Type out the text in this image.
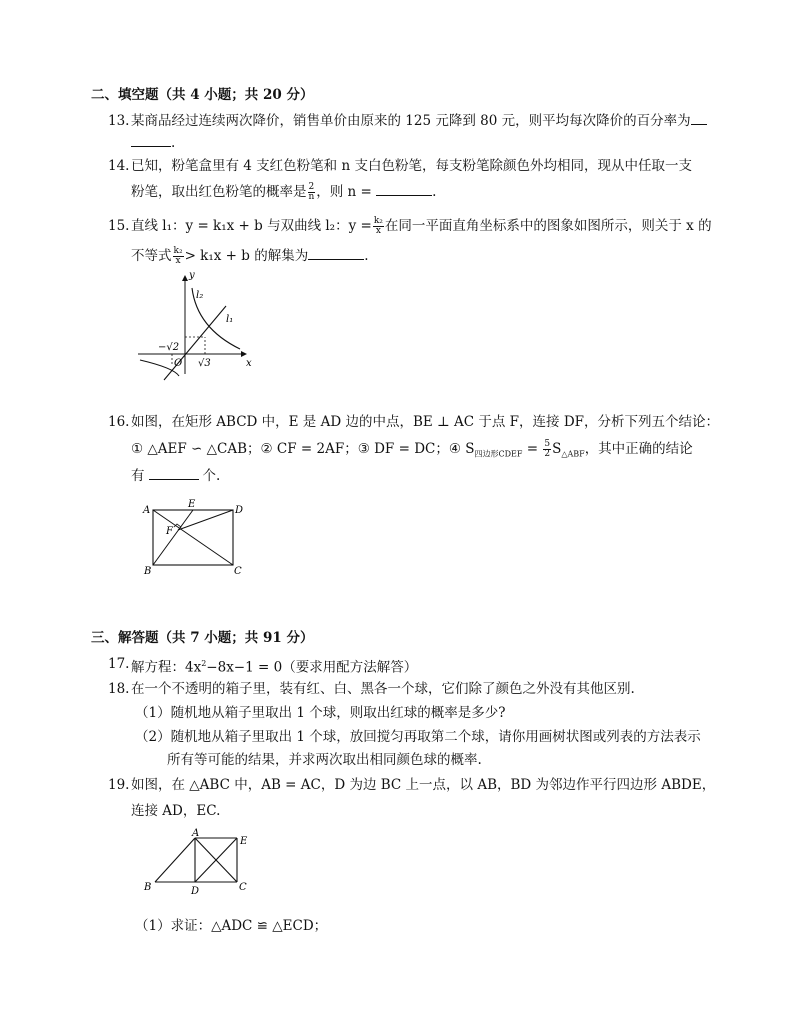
二、填空题（共 4 小题；共 20 分）
13. 某商品经过连续两次降价，销售单价由原来的 125 元降到 80 元，则平均每次降价的百分率为
.
14. 已知，粉笔盒里有 4 支红色粉笔和 n 支白色粉笔，每支粉笔除颜色外均相同，现从中任取一支
粉笔，取出红色粉笔的概率是 $\frac{2}{n}$ ，则 n =	.
15. 直线 l₁：y = k₁x + b 与双曲线 l₂：$y = \frac{\text{k₂}}{x}$ 在同一平面直角坐标系中的图象如图所示，则关于 x 的
不等式 $\frac{\text{k₂}}{x} > k_1x + b$ 的解集为	.
y
x
O
l₂
l₁
−√2
√3
16. 如图，在矩形 ABCD 中，E 是 AD 边的中点，BE ⊥ AC 于点 F，连接 DF，分析下列五个结论：
① △AEF ∽ △CAB；② CF = 2AF；③ DF = DC；④ $S_{四边形CDEF} = \frac{5}{2} S_{\triangle ABF}$，其中正确的结论
有	个.
A
E
D
F
B	C
三、解答题（共 7 小题；共 91 分）
17. 解方程：$4x^2-8x-1 = 0$（要求用配方法解答）
18. 在一个不透明的箱子里，装有红、白、黑各一个球，它们除了颜色之外没有其他区别.
（1）随机地从箱子里取出 1 个球，则取出红球的概率是多少?
（2）随机地从箱子里取出 1 个球，放回搅匀再取第二个球，请你用画树状图或列表的方法表示
所有等可能的结果，并求两次取出相同颜色球的概率.
19. 如图，在 △ABC 中，AB = AC，D 为边 BC 上一点，以 AB，BD 为邻边作平行四边形 ABDE，
连接 AD，EC.
A
E
B	D	C
（1）求证：△ADC ≌ △ECD；
